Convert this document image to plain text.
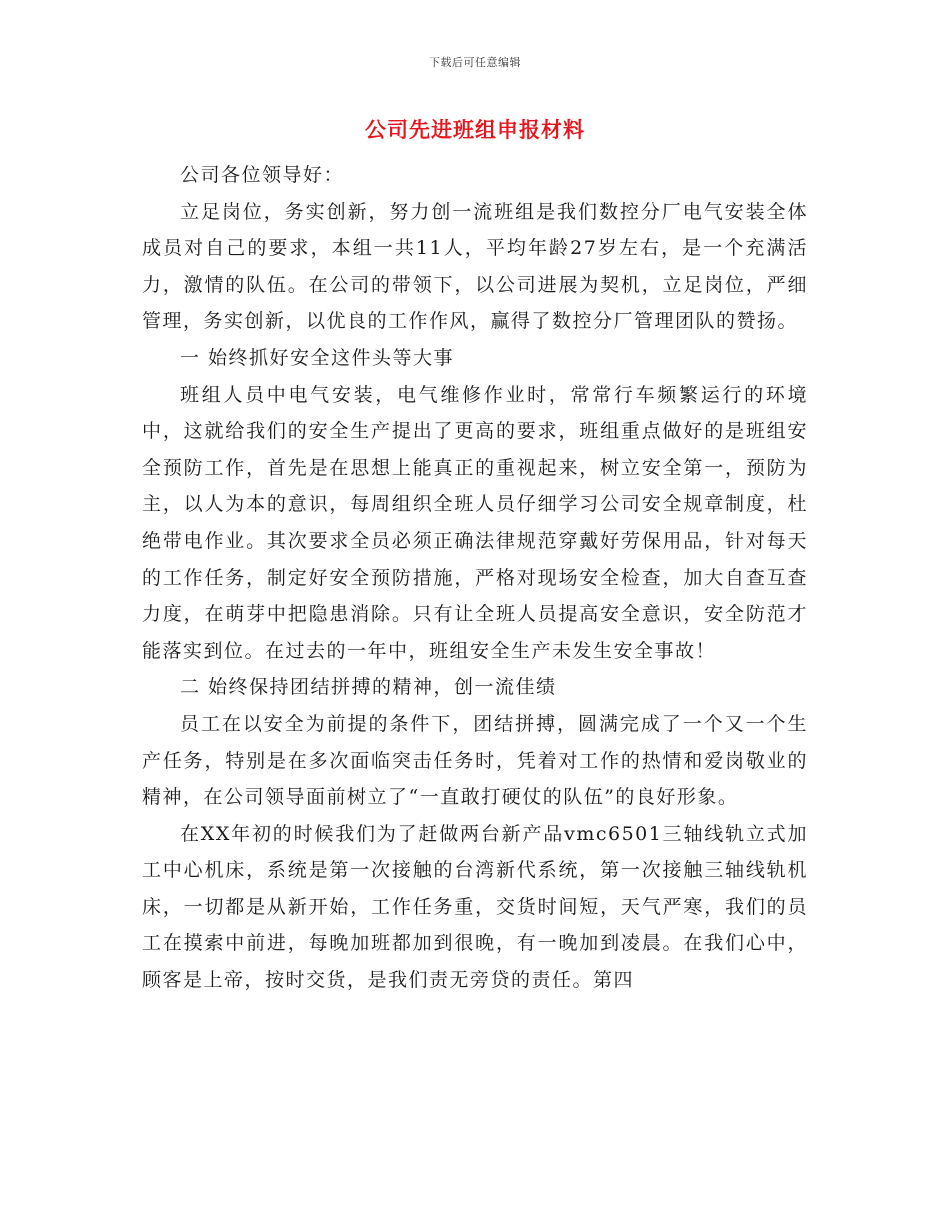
下载后可任意编辑
公司先进班组申报材料

公司各位领导好：

立足岗位，务实创新，努力创一流班组是我们数控分厂电气安装全体成员对自己的要求，本组一共11人，平均年龄27岁左右，是一个充满活力，激情的队伍。在公司的带领下，以公司进展为契机，立足岗位，严细管理，务实创新，以优良的工作作风，赢得了数控分厂管理团队的赞扬。

一 始终抓好安全这件头等大事

班组人员中电气安装，电气维修作业时，常常行车频繁运行的环境中，这就给我们的安全生产提出了更高的要求，班组重点做好的是班组安全预防工作，首先是在思想上能真正的重视起来，树立安全第一，预防为主，以人为本的意识，每周组织全班人员仔细学习公司安全规章制度，杜绝带电作业。其次要求全员必须正确法律规范穿戴好劳保用品，针对每天的工作任务，制定好安全预防措施，严格对现场安全检查，加大自查互查力度，在萌芽中把隐患消除。只有让全班人员提高安全意识，安全防范才能落实到位。在过去的一年中，班组安全生产未发生安全事故！

二 始终保持团结拼搏的精神，创一流佳绩

员工在以安全为前提的条件下，团结拼搏，圆满完成了一个又一个生产任务，特别是在多次面临突击任务时，凭着对工作的热情和爱岗敬业的精神，在公司领导面前树立了“一直敢打硬仗的队伍”的良好形象。

在XX年初的时候我们为了赶做两台新产品vmc6501三轴线轨立式加工中心机床，系统是第一次接触的台湾新代系统，第一次接触三轴线轨机床，一切都是从新开始，工作任务重，交货时间短，天气严寒，我们的员工在摸索中前进，每晚加班都加到很晚，有一晚加到凌晨。在我们心中，顾客是上帝，按时交货，是我们责无旁贷的责任。第四
